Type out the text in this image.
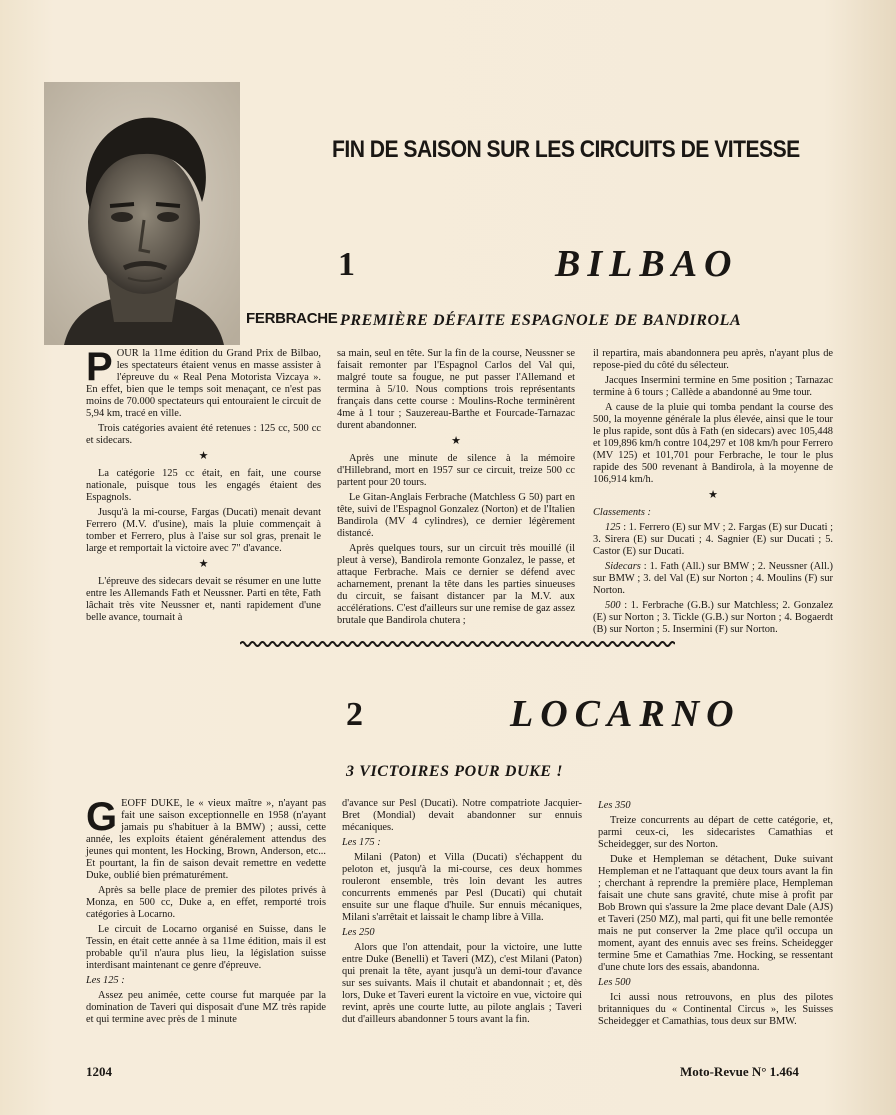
FERBRACHE
FIN DE SAISON SUR LES CIRCUITS DE VITESSE
1	BILBAO
PREMIÈRE DÉFAITE ESPAGNOLE DE BANDIROLA

POUR la 11me édition du Grand Prix de Bilbao, les spectateurs étaient venus en masse assister à l'épreuve du « Real Pena Motorista Vizcaya ». En effet, bien que le temps soit menaçant, ce n'est pas moins de 70.000 spectateurs qui entouraient le circuit de 5,94 km, tracé en ville.

Trois catégories avaient été retenues : 125 cc, 500 cc et sidecars.

★

La catégorie 125 cc était, en fait, une course nationale, puisque tous les engagés étaient des Espagnols.

Jusqu'à la mi-course, Fargas (Ducati) menait devant Ferrero (M.V. d'usine), mais la pluie commençait à tomber et Ferrero, plus à l'aise sur sol gras, prenait le large et remportait la victoire avec 7" d'avance.

★

L'épreuve des sidecars devait se résumer en une lutte entre les Allemands Fath et Neussner. Parti en tête, Fath lâchait très vite Neussner et, nanti rapidement d'une belle avance, tournait à

sa main, seul en tête. Sur la fin de la course, Neussner se faisait remonter par l'Espagnol Carlos del Val qui, malgré toute sa fougue, ne put passer l'Allemand et termina à 5/10. Nous comptions trois représentants français dans cette course : Moulins-Roche terminèrent 4me à 1 tour ; Sauzereau-Barthe et Fourcade-Tarnazac durent abandonner.

★

Après une minute de silence à la mémoire d'Hillebrand, mort en 1957 sur ce circuit, treize 500 cc partent pour 20 tours.

Le Gitan-Anglais Ferbrache (Matchless G 50) part en tête, suivi de l'Espagnol Gonzalez (Norton) et de l'Italien Bandirola (MV 4 cylindres), ce dernier légèrement distancé.

Après quelques tours, sur un circuit très mouillé (il pleut à verse), Bandirola remonte Gonzalez, le passe, et attaque Ferbrache. Mais ce dernier se défend avec acharnement, prenant la tête dans les parties sinueuses du circuit, se faisant distancer par la M.V. aux accélérations. C'est d'ailleurs sur une remise de gaz assez brutale que Bandirola chutera ;

il repartira, mais abandonnera peu après, n'ayant plus de repose-pied du côté du sélecteur.

Jacques Insermini termine en 5me position ; Tarnazac termine à 6 tours ; Callède a abandonné au 9me tour.

A cause de la pluie qui tomba pendant la course des 500, la moyenne générale la plus élevée, ainsi que le tour le plus rapide, sont dûs à Fath (en sidecars) avec 105,448 et 109,896 km/h contre 104,297 et 108 km/h pour Ferrero (MV 125) et 101,701 pour Ferbrache, le tour le plus rapide des 500 revenant à Bandirola, à la moyenne de 106,914 km/h.

★

Classements :

125 : 1. Ferrero (E) sur MV ; 2. Fargas (E) sur Ducati ; 3. Sirera (E) sur Ducati ; 4. Sagnier (E) sur Ducati ; 5. Castor (E) sur Ducati.

Sidecars : 1. Fath (All.) sur BMW ; 2. Neussner (All.) sur BMW ; 3. del Val (E) sur Norton ; 4. Moulins (F) sur Norton.

500 : 1. Ferbrache (G.B.) sur Matchless; 2. Gonzalez (E) sur Norton ; 3. Tickle (G.B.) sur Norton ; 4. Bogaerdt (B) sur Norton ; 5. Insermini (F) sur Norton.

2	LOCARNO
3 VICTOIRES POUR DUKE !

GEOFF DUKE, le « vieux maître », n'ayant pas fait une saison exceptionnelle en 1958 (n'ayant jamais pu s'habituer à la BMW) ; aussi, cette année, les exploits étaient généralement attendus des jeunes qui montent, les Hocking, Brown, Anderson, etc... Et pourtant, la fin de saison devait remettre en vedette Duke, oublié bien prématurément.

Après sa belle place de premier des pilotes privés à Monza, en 500 cc, Duke a, en effet, remporté trois catégories à Locarno.

Le circuit de Locarno organisé en Suisse, dans le Tessin, en était cette année à sa 11me édition, mais il est probable qu'il n'aura plus lieu, la législation suisse interdisant maintenant ce genre d'épreuve.

Les 125 :

Assez peu animée, cette course fut marquée par la domination de Taveri qui disposait d'une MZ très rapide et qui termine avec près de 1 minute

d'avance sur Pesl (Ducati). Notre compatriote Jacquier-Bret (Mondial) devait abandonner sur ennuis mécaniques.

Les 175 :

Milani (Paton) et Villa (Ducati) s'échappent du peloton et, jusqu'à la mi-course, ces deux hommes rouleront ensemble, très loin devant les autres concurrents emmenés par Pesl (Ducati) qui chutait ensuite sur une flaque d'huile. Sur ennuis mécaniques, Milani s'arrêtait et laissait le champ libre à Villa.

Les 250

Alors que l'on attendait, pour la victoire, une lutte entre Duke (Benelli) et Taveri (MZ), c'est Milani (Paton) qui prenait la tête, ayant jusqu'à un demi-tour d'avance sur ses suivants. Mais il chutait et abandonnait ; et, dès lors, Duke et Taveri eurent la victoire en vue, victoire qui revint, après une courte lutte, au pilote anglais ; Taveri dut d'ailleurs abandonner 5 tours avant la fin.

Les 350

Treize concurrents au départ de cette catégorie, et, parmi ceux-ci, les sidecaristes Camathias et Scheidegger, sur des Norton.

Duke et Hempleman se détachent, Duke suivant Hempleman et ne l'attaquant que deux tours avant la fin ; cherchant à reprendre la première place, Hempleman faisait une chute sans gravité, chute mise à profit par Bob Brown qui s'assure la 2me place devant Dale (AJS) et Taveri (250 MZ), mal parti, qui fit une belle remontée mais ne put conserver la 2me place qu'il occupa un moment, ayant des ennuis avec ses freins. Scheidegger termine 5me et Camathias 7me. Hocking, se ressentant d'une chute lors des essais, abandonna.

Les 500

Ici aussi nous retrouvons, en plus des pilotes britanniques du « Continental Circus », les Suisses Scheidegger et Camathias, tous deux sur BMW.

1204	Moto-Revue N° 1.464
